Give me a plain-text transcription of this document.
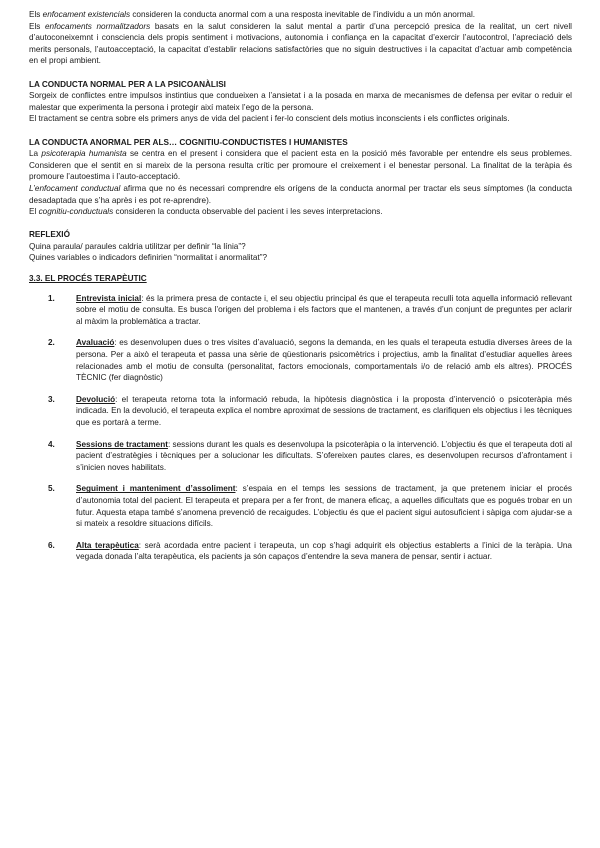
Els enfocament existencials consideren la conducta anormal com a una resposta inevitable de l’individu a un món anormal.

Els enfocaments normalitzadors basats en la salut consideren la salut mental a partir d’una percepció presica de la realitat, un cert nivell d’autoconeixemnt i consciencia dels propis sentiment i motivacions, autonomia i confiança en la capacitat d’exercir l’autocontrol, l’apreciació dels merits personals, l’autoacceptació, la capacitat d’establir relacions satisfactòries que no siguin destructives i la capacitat d’actuar amb competència en el propi ambient.

LA CONDUCTA NORMAL PER A LA PSICOANÀLISI

Sorgeix de conflictes entre impulsos instintius que condueixen a l’ansietat i a la posada en marxa de mecanismes de defensa per evitar o reduir el malestar que experimenta la persona i protegir així mateix l’ego de la persona.

El tractament se centra sobre els primers anys de vida del pacient i fer-lo conscient dels motius inconscients i els conflictes originals.

LA CONDUCTA ANORMAL PER ALS… COGNITIU-CONDUCTISTES I HUMANISTES

La psicoterapia humanista se centra en el present i considera que el pacient esta en la posició més favorable per entendre els seus problemes. Consideren que el sentit en si mareix de la persona resulta crític per promoure el creixement i el benestar personal. La finalitat de la teràpia és promoure l’autoestima i l’auto-acceptació.

L’enfocament conductual afirma que no és necessari comprendre els orígens de la conducta anormal per tractar els seus símptomes (la conducta desadaptada que s’ha après i es pot re-aprendre).

El cognitiu-conductuals consideren la conducta observable del pacient i les seves interpretacions.

REFLEXIÓ

Quina paraula/ paraules caldria utilitzar per definir “la línia”?

Quines variables o indicadors definirien “normalitat i anormalitat”?

3.3. EL PROCÉS TERAPÈUTIC

1.	Entrevista inicial: és la primera presa de contacte i, el seu objectiu principal és que el terapeuta reculli tota aquella informació rellevant sobre el motiu de consulta. Es busca l’origen del problema i els factors que el mantenen, a través d’un conjunt de preguntes per aclarir al màxim la problemàtica a tractar.

2.	Avaluació: es desenvolupen dues o tres visites d’avaluació, segons la demanda, en les quals el terapeuta estudia diverses àrees de la persona. Per a això el terapeuta et passa una sèrie de qüestionaris psicomètrics i projectius, amb la finalitat d’estudiar aquelles àrees relacionades amb el motiu de consulta (personalitat, factors emocionals, comportamentals i/o de relació amb els altres). PROCÉS TÈCNIC (fer diagnòstic)

3.	Devolució: el terapeuta retorna tota la informació rebuda, la hipòtesis diagnòstica i la proposta d’intervenció o psicoteràpia més indicada. En la devolució, el terapeuta explica el nombre aproximat de sessions de tractament, es clarifiquen els objectius i les tècniques que es portarà a terme.

4.	Sessions de tractament: sessions durant les quals es desenvolupa la psicoteràpia o la intervenció. L’objectiu és que el terapeuta doti al pacient d’estratègies i tècniques per a solucionar les dificultats. S’ofereixen pautes clares, es desenvolupen recursos d’afrontament i s’inicien noves habilitats.

5.	Seguiment i manteniment d’assoliment: s’espaia en el temps les sessions de tractament, ja que pretenem iniciar el procés d’autonomia total del pacient. El terapeuta et prepara per a fer front, de manera eficaç, a aquelles dificultats que es pogués trobar en un futur. Aquesta etapa també s’anomena prevenció de recaigudes. L’objectiu és que el pacient sigui autosuficient i sàpiga com ajudar-se a si mateix a resoldre situacions difícils.

6.	Alta terapèutica: serà acordada entre pacient i terapeuta, un cop s’hagi adquirit els objectius establerts a l’inici de la teràpia. Una vegada donada l’alta terapèutica, els pacients ja són capaços d’entendre la seva manera de pensar, sentir i actuar.
